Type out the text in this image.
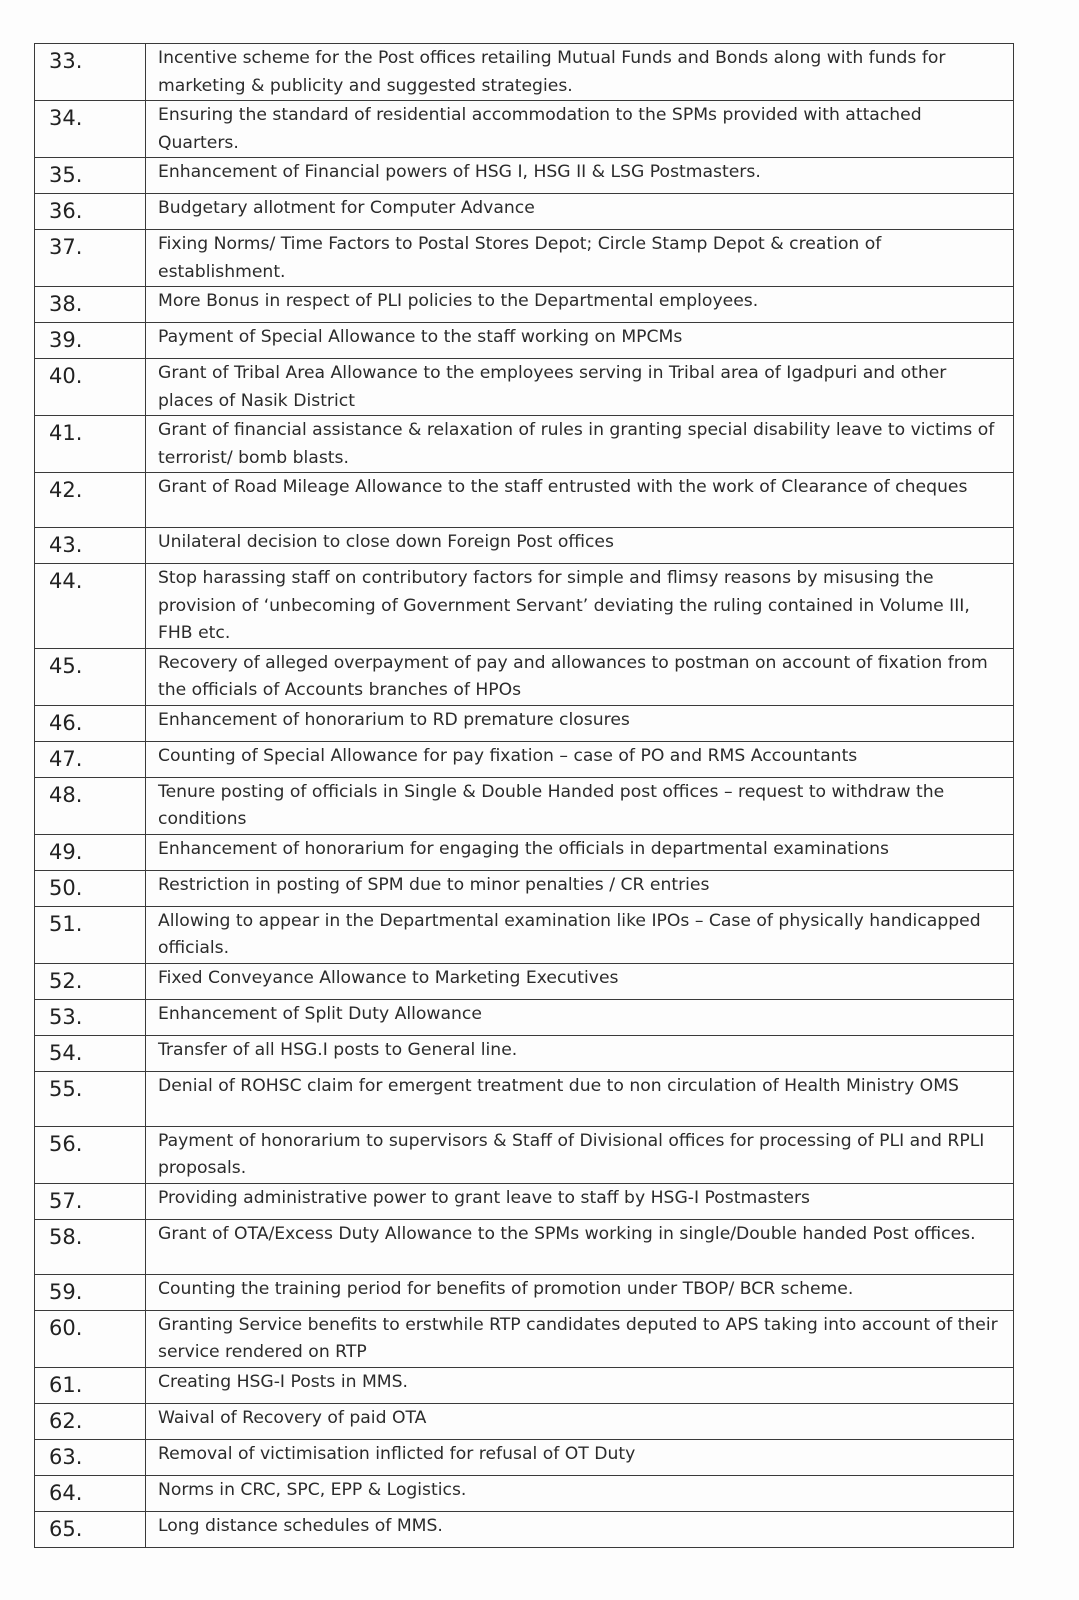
33.	Incentive scheme for the Post offices retailing Mutual Funds and Bonds along with funds for marketing & publicity and suggested strategies.
34.	Ensuring the standard of residential accommodation to the SPMs provided with attached Quarters.
35.	Enhancement of Financial powers of HSG I, HSG II & LSG Postmasters.
36.	Budgetary allotment for Computer Advance
37.	Fixing Norms/ Time Factors to Postal Stores Depot; Circle Stamp Depot & creation of establishment.
38.	More Bonus in respect of PLI policies to the Departmental employees.
39.	Payment of Special Allowance to the staff working on MPCMs
40.	Grant of Tribal Area Allowance to the employees serving in Tribal area of Igadpuri and other places of Nasik District
41.	Grant of financial assistance & relaxation of rules in granting special disability leave to victims of terrorist/ bomb blasts.
42.	Grant of Road Mileage Allowance to the staff entrusted with the work of Clearance of cheques
43.	Unilateral decision to close down Foreign Post offices
44.	Stop harassing staff on contributory factors for simple and flimsy reasons by misusing the provision of ‘unbecoming of Government Servant’ deviating the ruling contained in Volume III, FHB etc.
45.	Recovery of alleged overpayment of pay and allowances to postman on account of fixation from the officials of Accounts branches of HPOs
46.	Enhancement of honorarium to RD premature closures
47.	Counting of Special Allowance for pay fixation – case of PO and RMS Accountants
48.	Tenure posting of officials in Single & Double Handed post offices – request to withdraw the conditions
49.	Enhancement of honorarium for engaging the officials in departmental examinations
50.	Restriction in posting of SPM due to minor penalties / CR entries
51.	Allowing to appear in the Departmental examination like IPOs – Case of physically handicapped officials.
52.	Fixed Conveyance Allowance to Marketing Executives
53.	Enhancement of Split Duty Allowance
54.	Transfer of all HSG.I posts to General line.
55.	Denial of ROHSC claim for emergent treatment due to non circulation of Health Ministry OMS
56.	Payment of honorarium to supervisors & Staff of Divisional offices for processing of PLI and RPLI proposals.
57.	Providing administrative power to grant leave to staff by HSG-I Postmasters
58.	Grant of OTA/Excess Duty Allowance to the SPMs working in single/Double handed Post offices.
59.	Counting the training period for benefits of promotion under TBOP/ BCR scheme.
60.	Granting Service benefits to erstwhile RTP candidates deputed to APS taking into account of their service rendered on RTP
61.	Creating HSG-I Posts in MMS.
62.	Waival of Recovery of paid OTA
63.	Removal of victimisation inflicted for refusal of OT Duty
64.	Norms in CRC, SPC, EPP & Logistics.
65.	Long distance schedules of MMS.
